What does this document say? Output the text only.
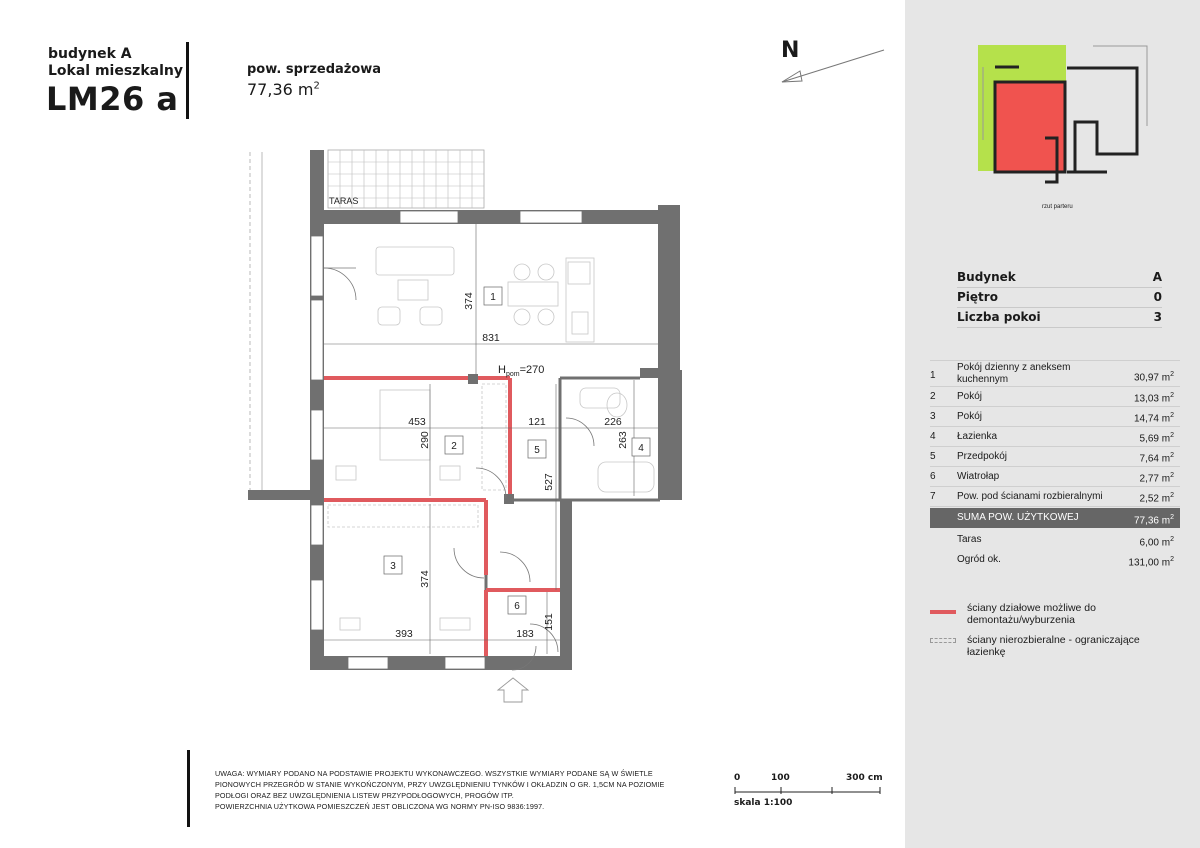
budynek A
Lokal mieszkalny
LM26 a
pow. sprzedażowa
77,36 $m^2$
N
TARAS
$H_{pom}=270$
374
831
453
290
121	226
263
527
374
393	183
151
1
2
3
4
5
6
UWAGA: WYMIARY PODANO NA PODSTAWIE PROJEKTU WYKONAWCZEGO. WSZYSTKIE WYMIARY PODANE SĄ W ŚWIETLE
PIONOWYCH PRZEGRÓD W STANIE WYKOŃCZONYM, PRZY UWZGLĘDNIENIU TYNKÓW I OKŁADZIN O GR. 1,5CM NA POZIOMIE
PODŁOGI ORAZ BEZ UWZGLĘDNIENIA LISTEW PRZYPODŁOGOWYCH, PROGÓW ITP.
POWIERZCHNIA UŻYTKOWA POMIESZCZEŃ JEST OBLICZONA WG NORMY PN-ISO 9836:1997.
0	100	300 cm
skala 1:100
rzut parteru
Budynek	A
Piętro	0
Liczba pokoi	3
1
Pokój dzienny z aneksem kuchennym	30,97 $m^2$
2 Pokój	13,03 $m^2$
3 Pokój	14,74 $m^2$
4 Łazienka	5,69 $m^2$
5 Przedpokój	7,64 $m^2$
6 Wiatrołap	2,77 $m^2$
7 Pow. pod ścianami rozbieralnymi	2,52 $m^2$
SUMA POW. UŻYTKOWEJ	77,36 $m^2$
Taras	6,00 $m^2$
Ogród ok.	131,00 $m^2$
ściany działowe możliwe do demontażu/wyburzenia
ściany nierozbieralne - ograniczające łazienkę
